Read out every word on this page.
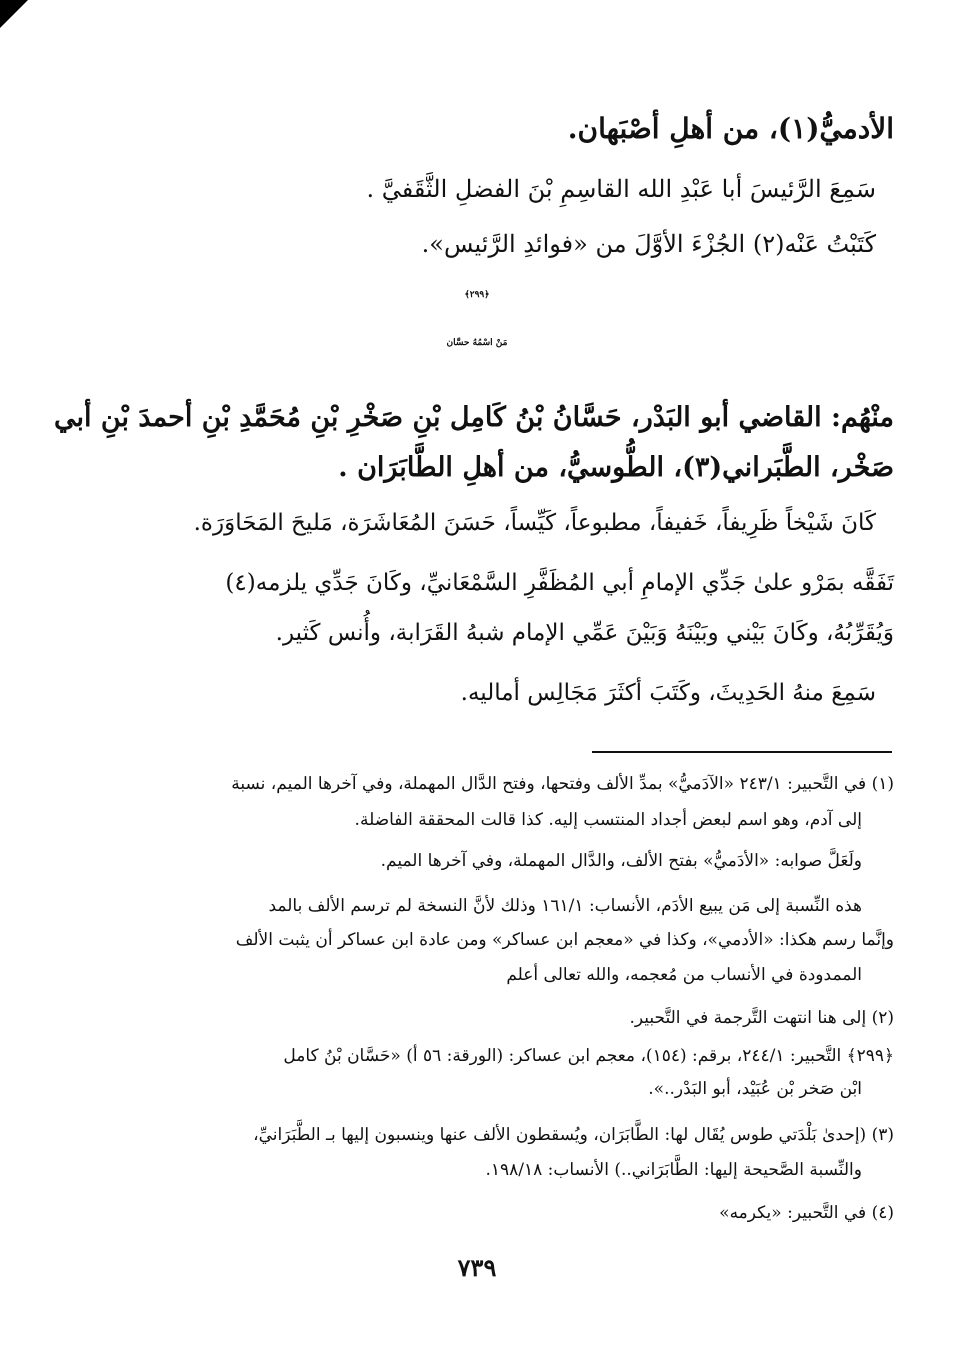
الأدميُّ(١)، من أهلِ أصْبَهان.
سَمِعَ الرَّئيسَ أبا عَبْدِ الله القاسِمِ بْنَ الفضلِ الثَّقَفيَّ .
كَتَبْتُ عَنْه(٢) الجُزْءَ الأوَّلَ من «فوائدِ الرَّئيس».
﴿٢٩٩﴾
مَنْ اسْمُهُ حسَّان
منْهُم: القاضي أبو البَدْر، حَسَّانُ بْنُ كَامِل بْنِ صَخْرِ بْنِ مُحَمَّدِ بْنِ أحمدَ بْنِ أبي
صَخْر، الطَّبَراني(٣)، الطُّوسيُّ، من أهلِ الطَّابَرَان .
كَانَ شَيْخاً ظَرِيفاً، خَفيفاً، مطبوعاً، كَيِّساً، حَسَنَ المُعَاشَرَة، مَليحَ المَحَاوَرَة.
تَفَقَّه بمَرْو علىٰ جَدِّي الإمامِ أبي المُظَفَّرِ السَّمْعَانيِّ، وكَانَ جَدِّي يلزمه(٤)
وَيُقَرِّبُهُ، وكَانَ بَيْني وبَيْنَهُ وَبَيْنَ عَمِّي الإمام شبهُ القَرَابة، وأُنس كَثير.
سَمِعَ منهُ الحَدِيثَ، وكَتَبَ أكثَرَ مَجَالِس أماليه.
(١) في التَّحبير: ٢٤٣/١ «الآدَميُّ» بمدِّ الألف وفتحها، وفتح الدَّال المهملة، وفي آخرها الميم، نسبة
إلى آدم، وهو اسم لبعض أجداد المنتسب إليه. كذا قالت المحققة الفاضلة.
ولَعَلَّ صوابه: «الأدَميُّ» بفتح الألف، والدَّال المهملة، وفي آخرها الميم.
هذه النِّسبة إلى مَن يبيع الأدَم، الأنساب: ١٦١/١ وذلك لأنَّ النسخة لم ترسم الألف بالمد
وإنَّما رسم هكذا: «الأدمي»، وكذا في «معجم ابن عساكر» ومن عادة ابن عساكر أن يثبت الألف
الممدودة في الأنساب من مُعجمه، والله تعالى أعلم
(٢) إلى هنا انتهت التَّرجمة في التَّحبير.
﴿٢٩٩﴾ التَّحبير: ٢٤٤/١، برقم: (١٥٤)، معجم ابن عساكر: (الورقة: ٥٦ أ) «حَسَّان بْنُ كامل
ابْن صَخر بْن عُبَيْد، أبو البَدْر..».
(٣) (إحدىٰ بَلْدَتي طوس يُقَال لها: الطَّابَرَان، ويُسقطون الألف عنها وينسبون إليها بـ الطَّبَرَانيِّ،
والنِّسبة الصَّحيحة إليها: الطَّابَرَاني..) الأنساب: ١٩٨/١٨.
(٤) في التَّحبير: «يكرمه»
٧٣٩
